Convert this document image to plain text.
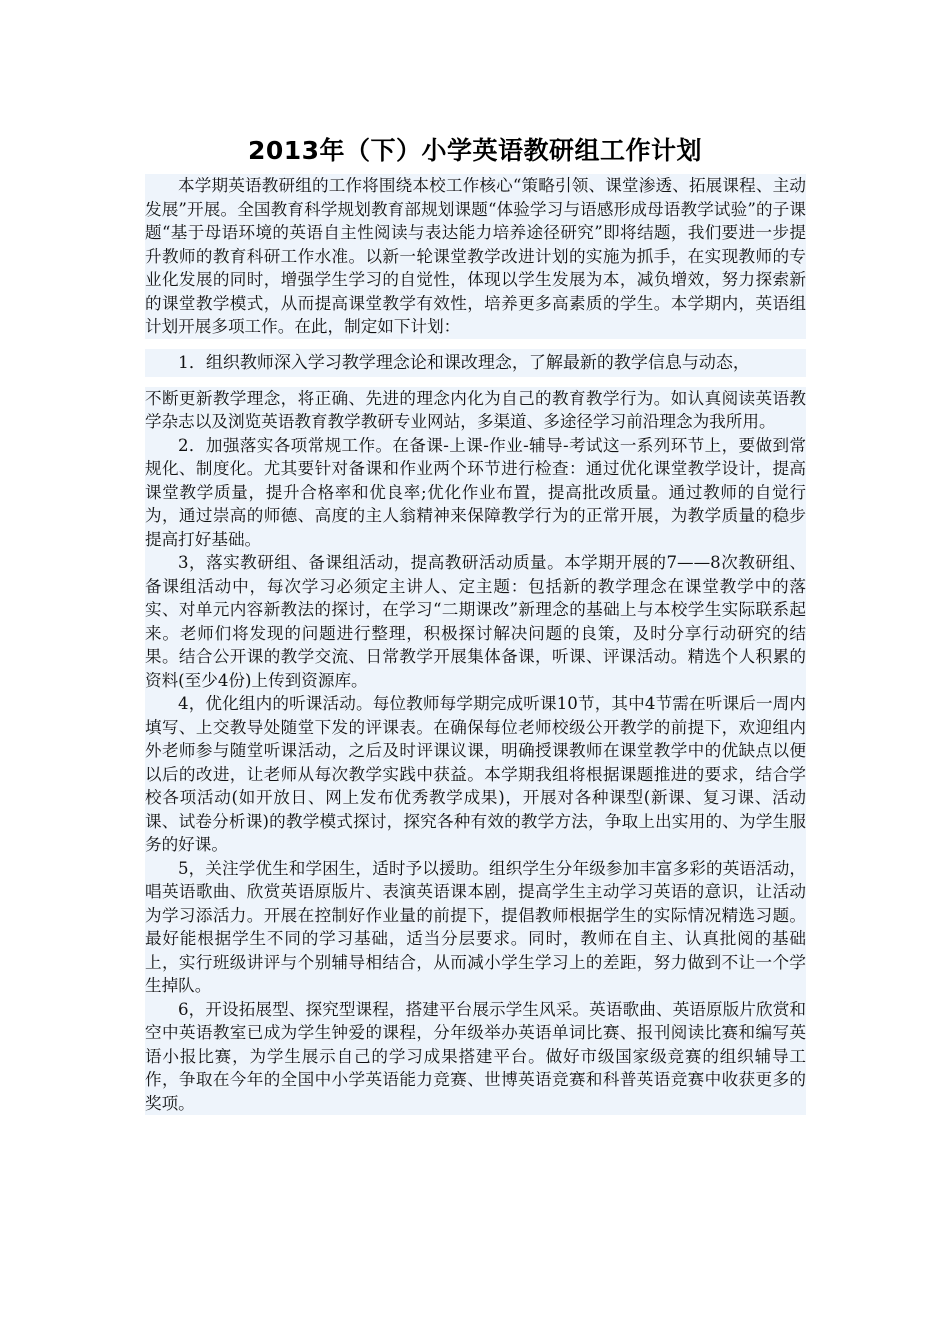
2013年（下）小学英语教研组工作计划

本学期英语教研组的工作将围绕本校工作核心“策略引领、课堂渗透、拓展课程、主动发展”开展。全国教育科学规划教育部规划课题“体验学习与语感形成母语教学试验”的子课题“基于母语环境的英语自主性阅读与表达能力培养途径研究”即将结题，我们要进一步提升教师的教育科研工作水准。以新一轮课堂教学改进计划的实施为抓手，在实现教师的专业化发展的同时，增强学生学习的自觉性，体现以学生发展为本，减负增效，努力探索新的课堂教学模式，从而提高课堂教学有效性，培养更多高素质的学生。本学期内，英语组计划开展多项工作。在此，制定如下计划：

1．组织教师深入学习教学理念论和课改理念，了解最新的教学信息与动态，

不断更新教学理念，将正确、先进的理念内化为自己的教育教学行为。如认真阅读英语教学杂志以及浏览英语教育教学教研专业网站，多渠道、多途径学习前沿理念为我所用。

2．加强落实各项常规工作。在备课-上课-作业-辅导-考试这一系列环节上，要做到常规化、制度化。尤其要针对备课和作业两个环节进行检查：通过优化课堂教学设计，提高课堂教学质量，提升合格率和优良率;优化作业布置，提高批改质量。通过教师的自觉行为，通过崇高的师德、高度的主人翁精神来保障教学行为的正常开展，为教学质量的稳步提高打好基础。

3，落实教研组、备课组活动，提高教研活动质量。本学期开展的7——8次教研组、备课组活动中，每次学习必须定主讲人、定主题：包括新的教学理念在课堂教学中的落实、对单元内容新教法的探讨，在学习“二期课改”新理念的基础上与本校学生实际联系起来。老师们将发现的问题进行整理，积极探讨解决问题的良策，及时分享行动研究的结果。结合公开课的教学交流、日常教学开展集体备课，听课、评课活动。精选个人积累的资料(至少4份)上传到资源库。

4，优化组内的听课活动。每位教师每学期完成听课10节，其中4节需在听课后一周内填写、上交教导处随堂下发的评课表。在确保每位老师校级公开教学的前提下，欢迎组内外老师参与随堂听课活动，之后及时评课议课，明确授课教师在课堂教学中的优缺点以便以后的改进，让老师从每次教学实践中获益。本学期我组将根据课题推进的要求，结合学校各项活动(如开放日、网上发布优秀教学成果)，开展对各种课型(新课、复习课、活动课、试卷分析课)的教学模式探讨，探究各种有效的教学方法，争取上出实用的、为学生服务的好课。

5，关注学优生和学困生，适时予以援助。组织学生分年级参加丰富多彩的英语活动，唱英语歌曲、欣赏英语原版片、表演英语课本剧，提高学生主动学习英语的意识，让活动为学习添活力。开展在控制好作业量的前提下，提倡教师根据学生的实际情况精选习题。最好能根据学生不同的学习基础，适当分层要求。同时，教师在自主、认真批阅的基础上，实行班级讲评与个别辅导相结合，从而减小学生学习上的差距，努力做到不让一个学生掉队。

6，开设拓展型、探究型课程，搭建平台展示学生风采。英语歌曲、英语原版片欣赏和空中英语教室已成为学生钟爱的课程，分年级举办英语单词比赛、报刊阅读比赛和编写英语小报比赛，为学生展示自己的学习成果搭建平台。做好市级国家级竞赛的组织辅导工作，争取在今年的全国中小学英语能力竞赛、世博英语竞赛和科普英语竞赛中收获更多的奖项。
